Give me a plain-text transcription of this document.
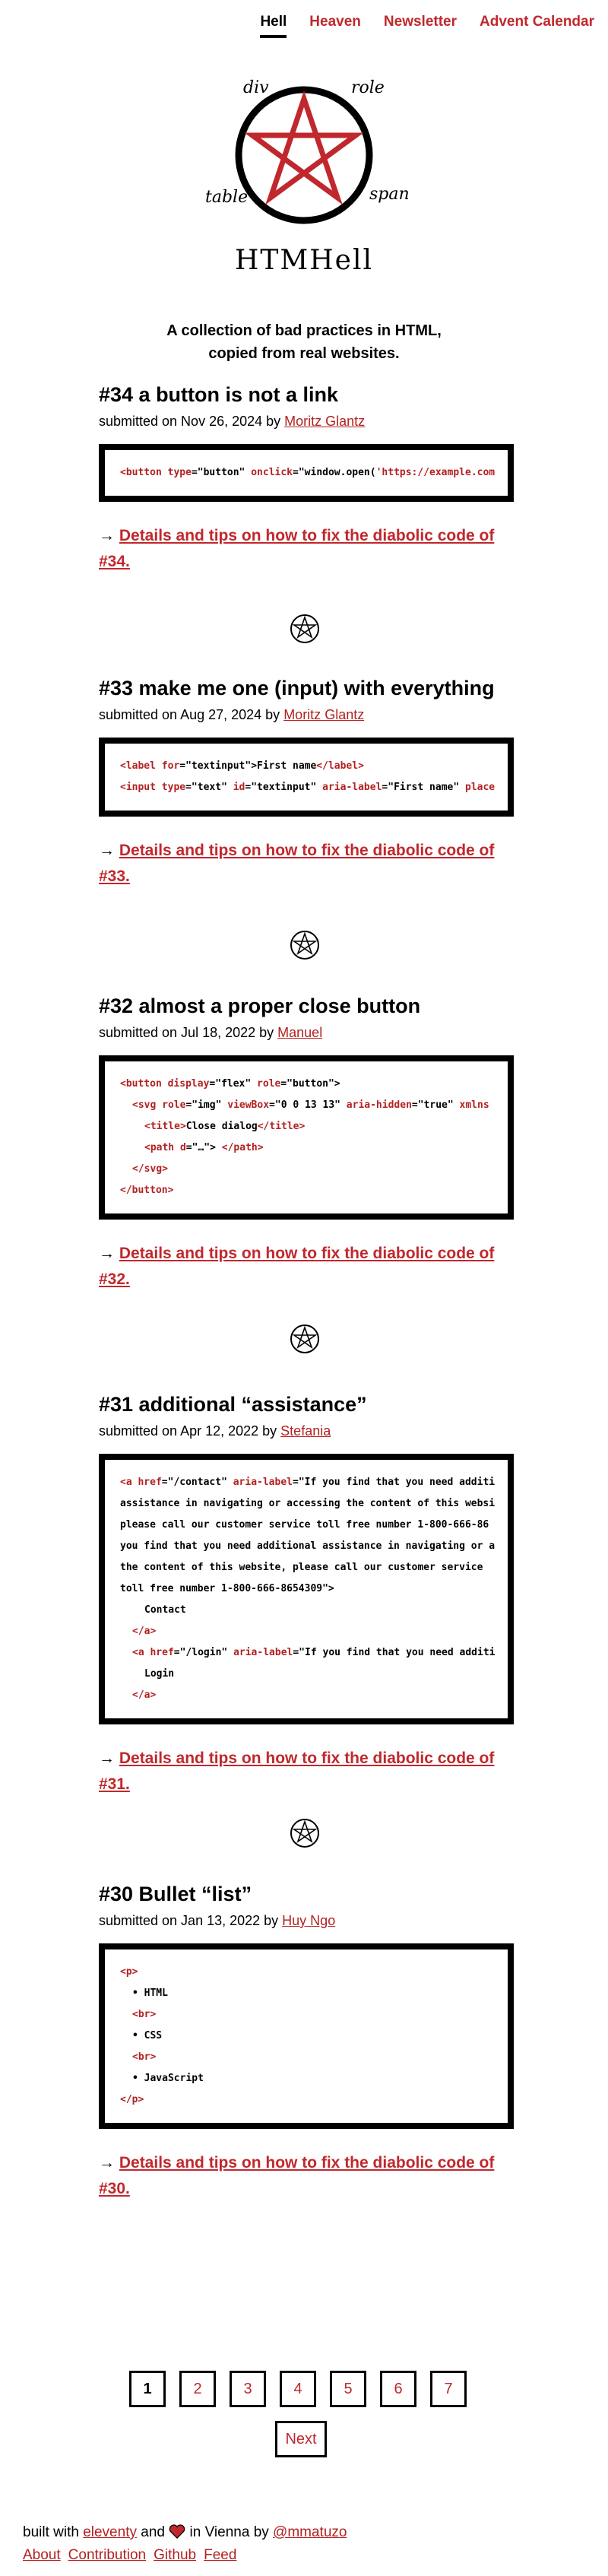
Hell Heaven Newsletter Advent Calendar
div	role
table	span
HTMHell
A collection of bad practices in HTML,
copied from real websites.
#34 a button is not a link

submitted on Nov 26, 2024 by Moritz Glantz

<button type="button" onclick="window.open('https://example.com

→ Details and tips on how to fix the diabolic code of #34.

#33 make me one (input) with everything

submitted on Aug 27, 2024 by Moritz Glantz

<label for="textinput">First name</label>
<input type="text" id="textinput" aria-label="First name" place

→ Details and tips on how to fix the diabolic code of #33.

#32 almost a proper close button

submitted on Jul 18, 2022 by Manuel

<button display="flex" role="button">
<svg role="img" viewBox="0 0 13 13" aria-hidden="true" xmlns
<title>Close dialog</title>
<path d="…"> </path>
</svg>
</button>

→ Details and tips on how to fix the diabolic code of #32.

#31 additional “assistance”

submitted on Apr 12, 2022 by Stefania

<a href="/contact" aria-label="If you find that you need additi
assistance in navigating or accessing the content of this websi
please call our customer service toll free number 1-800-666-86
you find that you need additional assistance in navigating or a
the content of this website, please call our customer service
toll free number 1-800-666-8654309">
Contact
</a>
<a href="/login" aria-label="If you find that you need additi
Login
</a>

→ Details and tips on how to fix the diabolic code of #31.

#30 Bullet “list”

submitted on Jan 13, 2022 by Huy Ngo

<p>
• HTML
<br>
• CSS
<br>
• JavaScript
</p>

→ Details and tips on how to fix the diabolic code of #30.

1	2	3	4	5	6	7
Next
built with eleventy and  in Vienna by @mmatuzo
About Contribution Github Feed
